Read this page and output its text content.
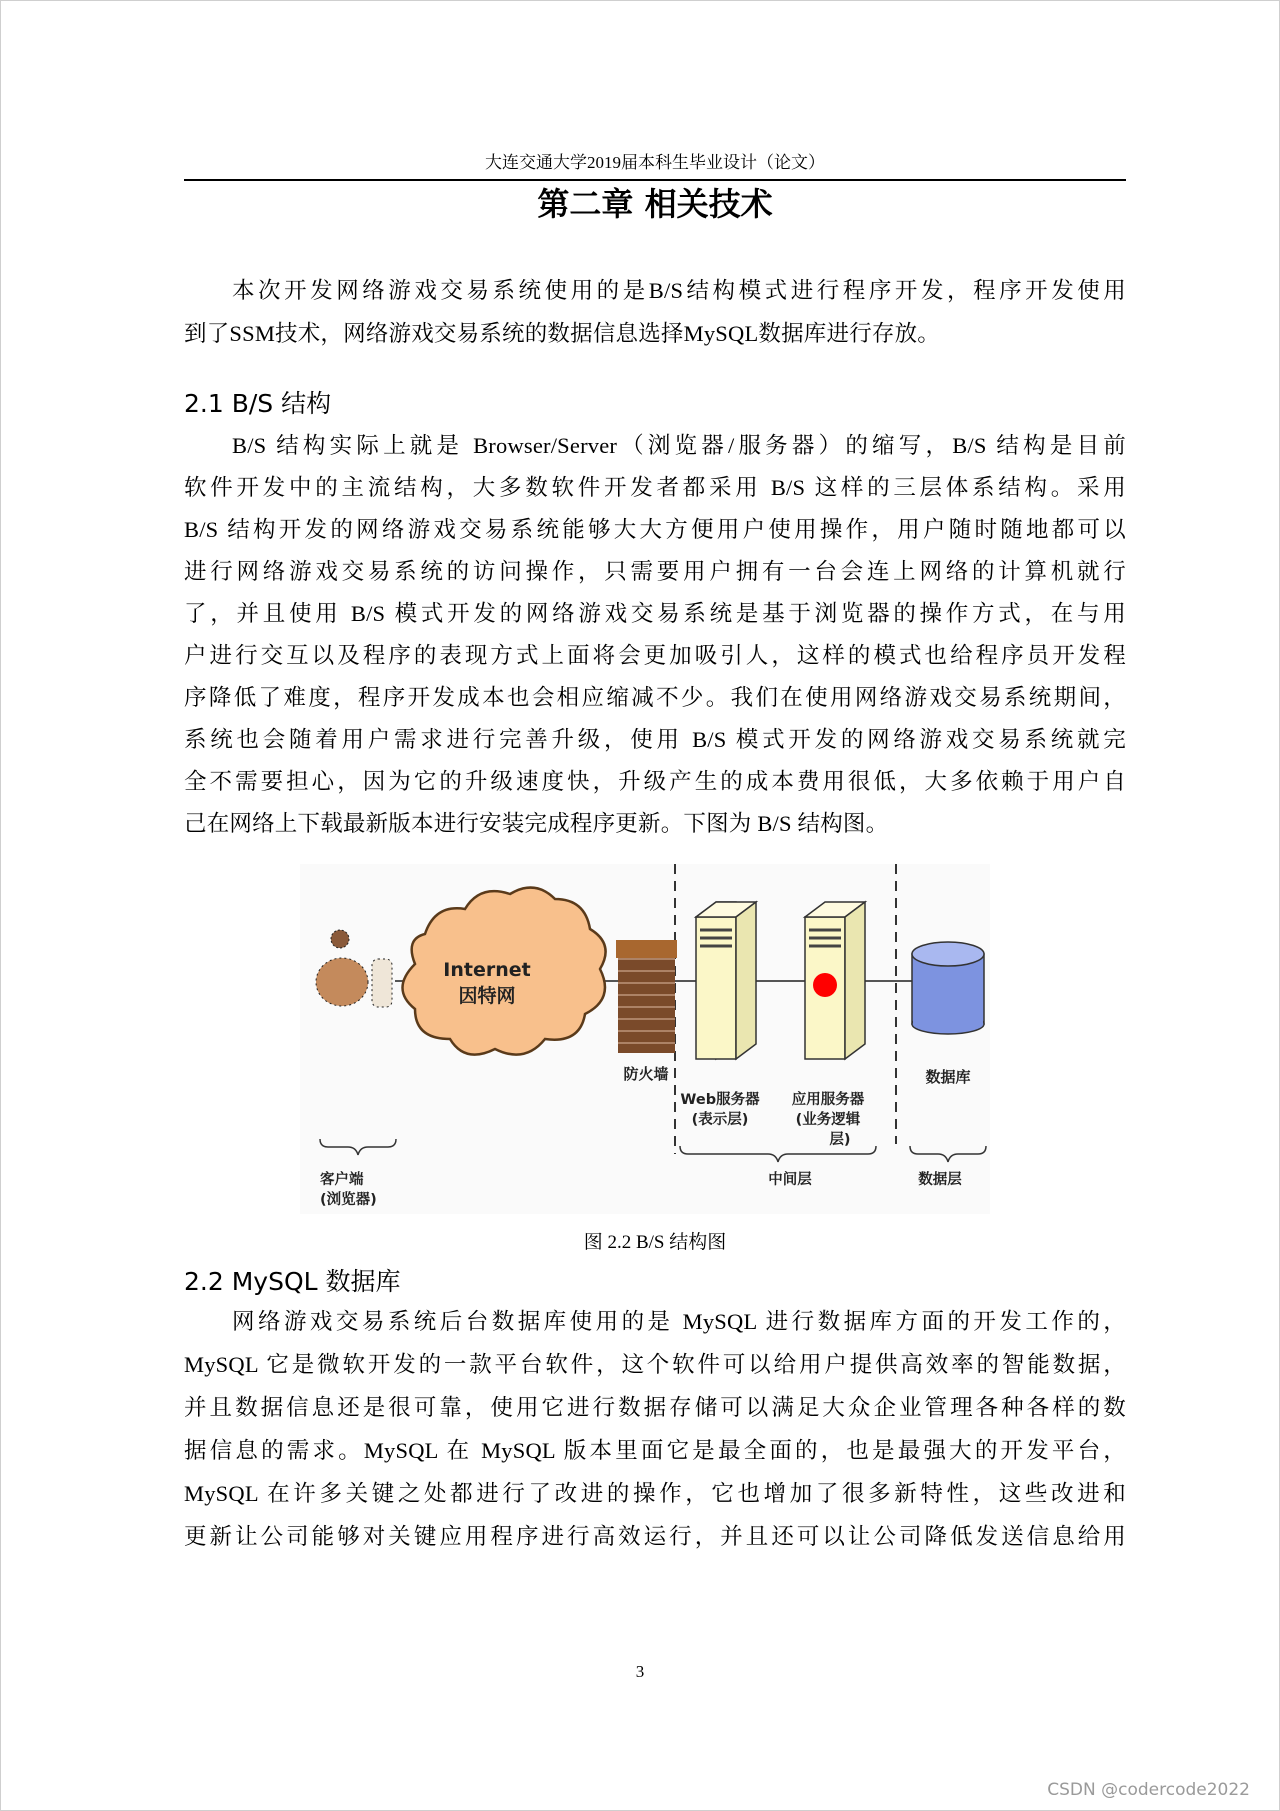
大连交通大学2019届本科生毕业设计（论文）
第二章 相关技术
本次开发网络游戏交易系统使用的是B/S结构模式进行程序开发，程序开发使用
到了SSM技术，网络游戏交易系统的数据信息选择MySQL数据库进行存放。
2.1 B/S 结构
B/S 结构实际上就是 Browser/Server（浏览器/服务器）的缩写，B/S 结构是目前
软件开发中的主流结构，大多数软件开发者都采用 B/S 这样的三层体系结构。采用
B/S 结构开发的网络游戏交易系统能够大大方便用户使用操作，用户随时随地都可以
进行网络游戏交易系统的访问操作，只需要用户拥有一台会连上网络的计算机就行
了，并且使用 B/S 模式开发的网络游戏交易系统是基于浏览器的操作方式，在与用
户进行交互以及程序的表现方式上面将会更加吸引人，这样的模式也给程序员开发程
序降低了难度，程序开发成本也会相应缩减不少。我们在使用网络游戏交易系统期间，
系统也会随着用户需求进行完善升级，使用 B/S 模式开发的网络游戏交易系统就完
全不需要担心，因为它的升级速度快，升级产生的成本费用很低，大多依赖于用户自
己在网络上下载最新版本进行安装完成程序更新。下图为 B/S 结构图。
Internet
因特网
防火墙	数据库
Web服务器
(表示层)
应用服务器
(业务逻辑
层)
客户端
(浏览器)
中间层	数据层
图 2.2 B/S 结构图
2.2 MySQL 数据库
网络游戏交易系统后台数据库使用的是 MySQL 进行数据库方面的开发工作的，
MySQL 它是微软开发的一款平台软件，这个软件可以给用户提供高效率的智能数据，
并且数据信息还是很可靠，使用它进行数据存储可以满足大众企业管理各种各样的数
据信息的需求。MySQL 在 MySQL 版本里面它是最全面的，也是最强大的开发平台，
MySQL 在许多关键之处都进行了改进的操作，它也增加了很多新特性，这些改进和
更新让公司能够对关键应用程序进行高效运行，并且还可以让公司降低发送信息给用
3
CSDN @codercode2022
